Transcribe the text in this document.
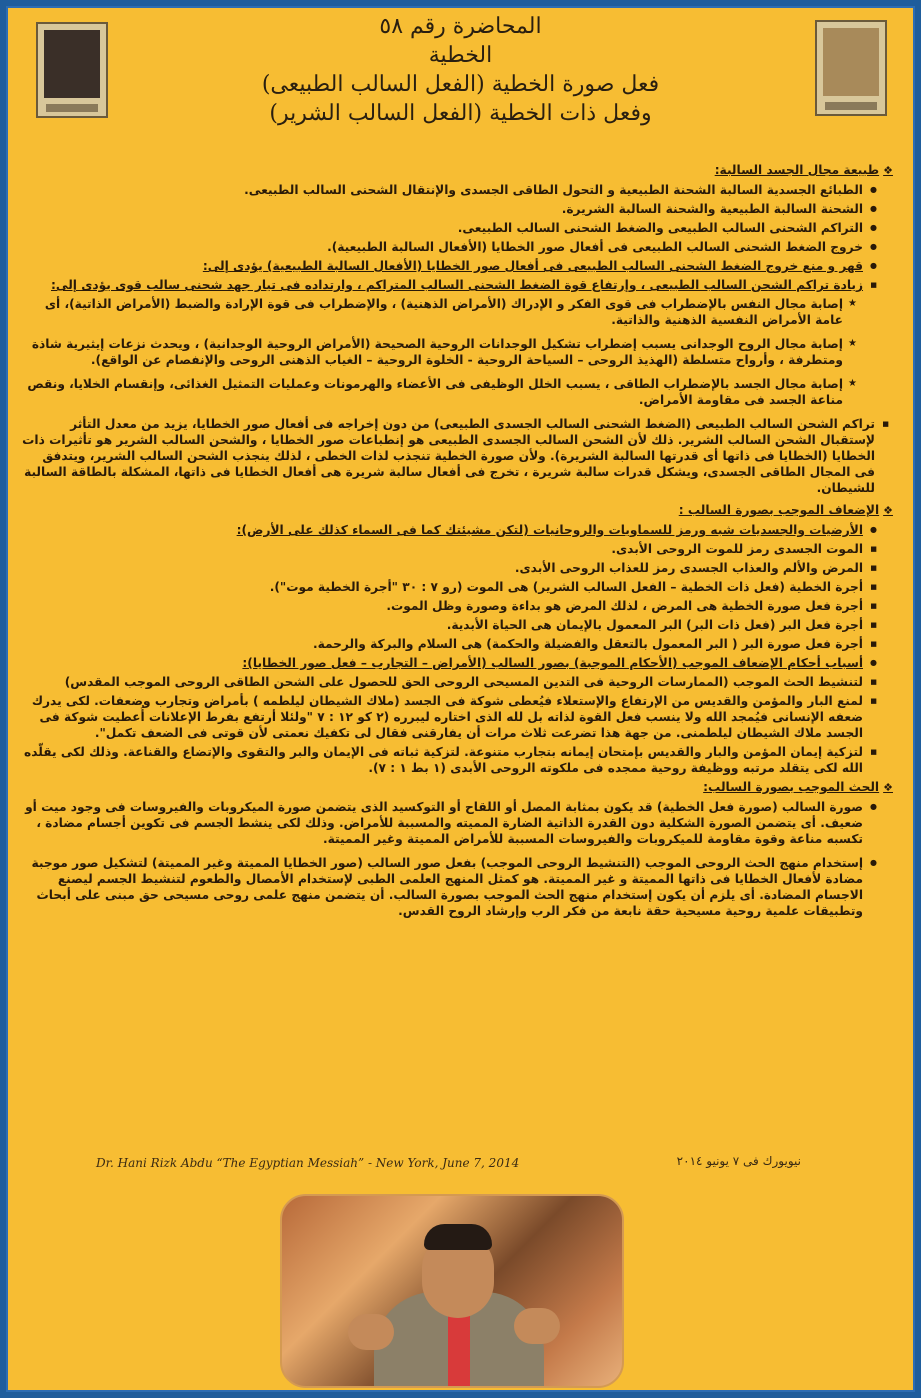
المحاضرة رقم ٥٨
الخطية
فعل صورة الخطية (الفعل السالب الطبيعى)
وفعل ذات الخطية (الفعل السالب الشرير)
❖طبيعة مجال الجسد السالبة:
● الطبائع الجسدية السالبة الشحنة الطبيعية و التحول الطاقى الجسدى والإنتقال الشحنى السالب الطبيعى.
● الشحنة السالبة الطبيعية والشحنة السالبة الشريرة.
● التراكم الشحنى السالب الطبيعى والضغط الشحنى السالب الطبيعى.
● خروج الضغط الشحنى السالب الطبيعى فى أفعال صور الخطايا (الأفعال السالبة الطبيعية).
● قهر و منع خروج الضغط الشحنى السالب الطبيعى فى أفعال صور الخطايا (الأفعال السالبة الطبيعية) يؤدى إلى:
■ زيادة تراكم الشحن السالب الطبيعى ، وإرتفاع قوة الضغط الشحنى السالب المتراكم ، وارتداده فى تيار جهد شحنى سالب قوى يؤدى إلى:
★ إصابة مجال النفس بالإضطراب فى قوى الفكر و الإدراك (الأمراض الذهنية) ، والإضطراب فى قوة الإرادة والضبط (الأمراض الذاتية)، أى عامة الأمراض النفسية الذهنية والذاتية.
★ إصابة مجال الروح الوجدانى يسبب إضطراب تشكيل الوجدانات الروحية الصحيحة (الأمراض الروحية الوجدانية) ، ويحدث نزعات إيثيرية شاذة ومتطرفة ، وأرواح متسلطة (الهذيذ الروحى – السياحة الروحية - الخلوة الروحية – الغياب الذهنى الروحى والإنفصام عن الواقع).
★ إصابة مجال الجسد بالإضطراب الطاقى ، يسبب الخلل الوظيفى فى الأعضاء والهرمونات وعمليات التمثيل الغذائى، وإنقسام الخلايا، ونقص مناعة الجسد فى مقاومة الأمراض.
■ تراكم الشحن السالب الطبيعى (الضغط الشحنى السالب الجسدى الطبيعى) من دون إخراجه فى أفعال صور الخطايا، يزيد من معدل التأثر لإستقبال الشحن السالب الشرير. ذلك لأن الشحن السالب الجسدى الطبيعى هو إنطباعات صور الخطايا ، والشحن السالب الشرير هو تأثيرات ذات الخطايا (الخطايا فى ذاتها أى قدرتها السالبة الشريرة). ولأن صورة الخطية تنجذب لذات الخطى ، لذلك ينجذب الشحن السالب الشرير، ويتدفق فى المجال الطاقى الجسدى، ويشكل قدرات سالبة شريرة ، تخرج فى أفعال سالبة شريرة هى أفعال الخطايا فى ذاتها، المشكلة بالطاقة السالبة للشيطان.
❖الإضعاف الموجب بصورة السالب :
● الأرضيات والجسديات شبه ورمز للسماويات والروحانيات (لتكن مشيئتك كما فى السماء كذلك على الأرض):
■ الموت الجسدى رمز للموت الروحى الأبدى.
■ المرض والألم والعذاب الجسدى رمز للعذاب الروحى الأبدى.
■ أجرة الخطية (فعل ذات الخطية – الفعل السالب الشرير) هى الموت (رو ٧ : ٣٠ "أجرة الخطية موت").
■ أجرة فعل صورة الخطية هى المرض ، لذلك المرض هو بداءة وصورة وظل الموت.
■ أجرة فعل البر (فعل ذات البر) البر المعمول بالإيمان هى الحياة الأبدية.
■ أجرة فعل صورة البر ( البر المعمول بالتعقل والفضيلة والحكمة) هى السلام والبركة والرحمة.
● أسباب أحكام الإضعاف الموجب (الأحكام الموجبة) بصور السالب (الأمراض – التجارب – فعل صور الخطايا):
■ لتنشيط الحث الموجب (الممارسات الروحية فى التدين المسيحى الروحى الحق للحصول على الشحن الطاقى الروحى الموجب المقدس)
■ لمنع البار والمؤمن والقديس من الإرتفاع والإستعلاء فيُعطى شوكة فى الجسد (ملاك الشيطان ليلطمه ) بأمراض وتجارب وضعفات. لكى يدرك ضعفه الإنسانى فيُمجد الله ولا ينسب فعل القوة لذاته بل لله الذى اختاره ليبرره (٢ كو ١٢ : ٧ "ولئلا أرتفع بفرط الإعلانات أُعطيت شوكة فى الجسد ملاك الشيطان ليلطمنى. من جهة هذا تضرعت ثلاث مرات أن يفارقنى فقال لى تكفيك نعمتى لأن قوتى فى الضعف تكمل".
■ لتزكية إيمان المؤمن والبار والقديس بإمتحان إيمانه بتجارب متنوعة. لتزكية ثباته فى الإيمان والبر والتقوى والإتضاع والقناعة. وذلك لكى يقلّده الله لكى يتقلد مرتبه ووظيفة روحية ممجده فى ملكوته الروحى الأبدى (١ بط ١ : ٧).
❖الحث الموجب بصورة السالب:
● صورة السالب (صورة فعل الخطية) قد يكون بمثابة المصل أو اللقاح أو التوكسيد الذى يتضمن صورة الميكروبات والفيروسات فى وجود ميت أو ضعيف. أى يتضمن الصورة الشكلية دون القدرة الذاتية الضارة المميته والمسببة للأمراض. وذلك لكى ينشط الجسم فى تكوين أجسام مضادة ، تكسبه مناعة وقوة مقاومة للميكروبات والفيروسات المسببة للأمراض المميتة وغير المميتة.
● إستخدام منهج الحث الروحى الموجب (التنشيط الروحى الموجب) بفعل صور السالب (صور الخطايا المميتة وغير المميتة) لتشكيل صور موجبة مضادة لأفعال الخطايا فى ذاتها المميتة و غير المميتة. هو كمثل المنهج العلمى الطبى لإستخدام الأمصال والطعوم لتنشيط الجسم ليصنع الاجسام المضادة. أى يلزم أن يكون إستخدام منهج الحث الموجب بصورة السالب. أن يتضمن منهج علمى روحى مسيحى حق مبنى على أبحاث وتطبيقات علمية روحية مسيحية حقة نابعة من فكر الرب وإرشاد الروح القدس.
Dr. Hani Rizk Abdu “The Egyptian Messiah” - New York, June 7, 2014	نيويورك فى ٧ يونيو ٢٠١٤
